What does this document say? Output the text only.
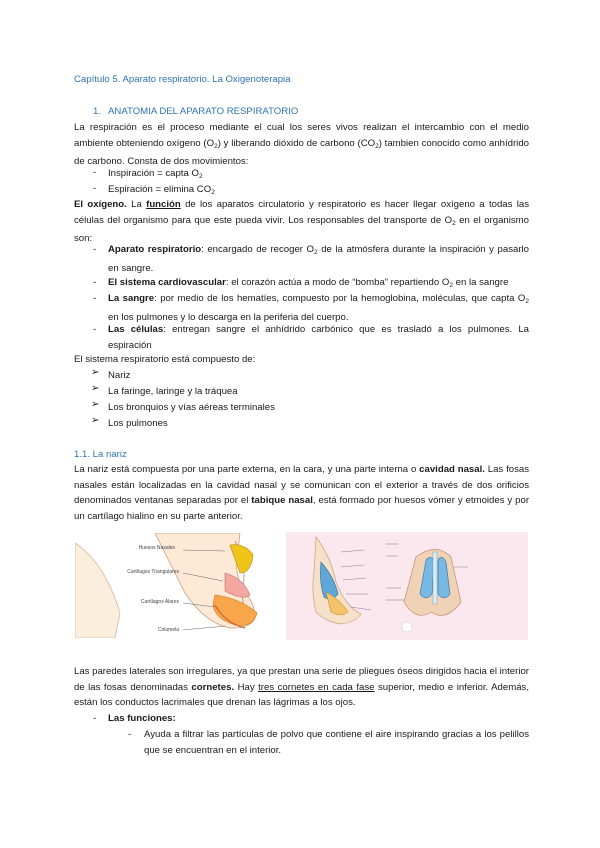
Capítulo 5. Aparato respiratorio. La Oxigenoterapia
1. ANATOMIA DEL APARATO RESPIRATORIO
La respiración es el proceso mediante el cual los seres vivos realizan el intercambio con el medio ambiente obteniendo oxígeno $(O_2)$ y liberando dióxido de carbono $(CO_2)$ tambien conocido como anhídrido de carbono. Consta de dos movimientos:
- Inspiración = capta $O_2$
- Espiración = elimina $CO_2$
El oxígeno. La función de los aparatos circulatorio y respiratorio es hacer llegar oxígeno a todas las células del organismo para que este pueda vivir. Los responsables del transporte de $O_2$ en el organismo son:
- Aparato respiratorio: encargado de recoger $O_2$ de la atmósfera durante la inspiración y pasarlo en sangre.
- El sistema cardiovascular: el corazón actúa a modo de “bomba” repartiendo $O_2$ en la sangre
- La sangre: por medio de los hematíes, compuesto por la hemoglobina, moléculas, que capta $O_2$ en los pulmones y lo descarga en la periferia del cuerpo.
- Las células: entregan sangre el anhídrido carbónico que es trasladó a los pulmones. La espiración
El sistema respiratorio está compuesto de:
➢ Nariz
➢ La faringe, laringe y la tráquea
➢ Los bronquios y vías aéreas terminales
➢ Los pulmones
1.1. La nariz
La nariz está compuesta por una parte externa, en la cara, y una parte interna o cavidad nasal. Las fosas nasales están localizadas en la cavidad nasal y se comunican con el exterior a través de dos orificios denominados ventanas separadas por el tabique nasal, está formado por huesos vómer y etmoides y por un cartílago hialino en su parte anterior.
Huesos Nasales
Cartílagos Triangulares
Cartílagos Alares
Columela
Las paredes laterales son irregulares, ya que prestan una serie de pliegues óseos dirigidos hacia el interior de las fosas denominadas cornetes. Hay tres cornetes en cada fase superior, medio e inferior. Además, están los conductos lacrimales que drenan las lágrimas a los ojos.
- Las funciones:
- Ayuda a filtrar las partículas de polvo que contiene el aire inspirando gracias a los pelillos que se encuentran en el interior.
